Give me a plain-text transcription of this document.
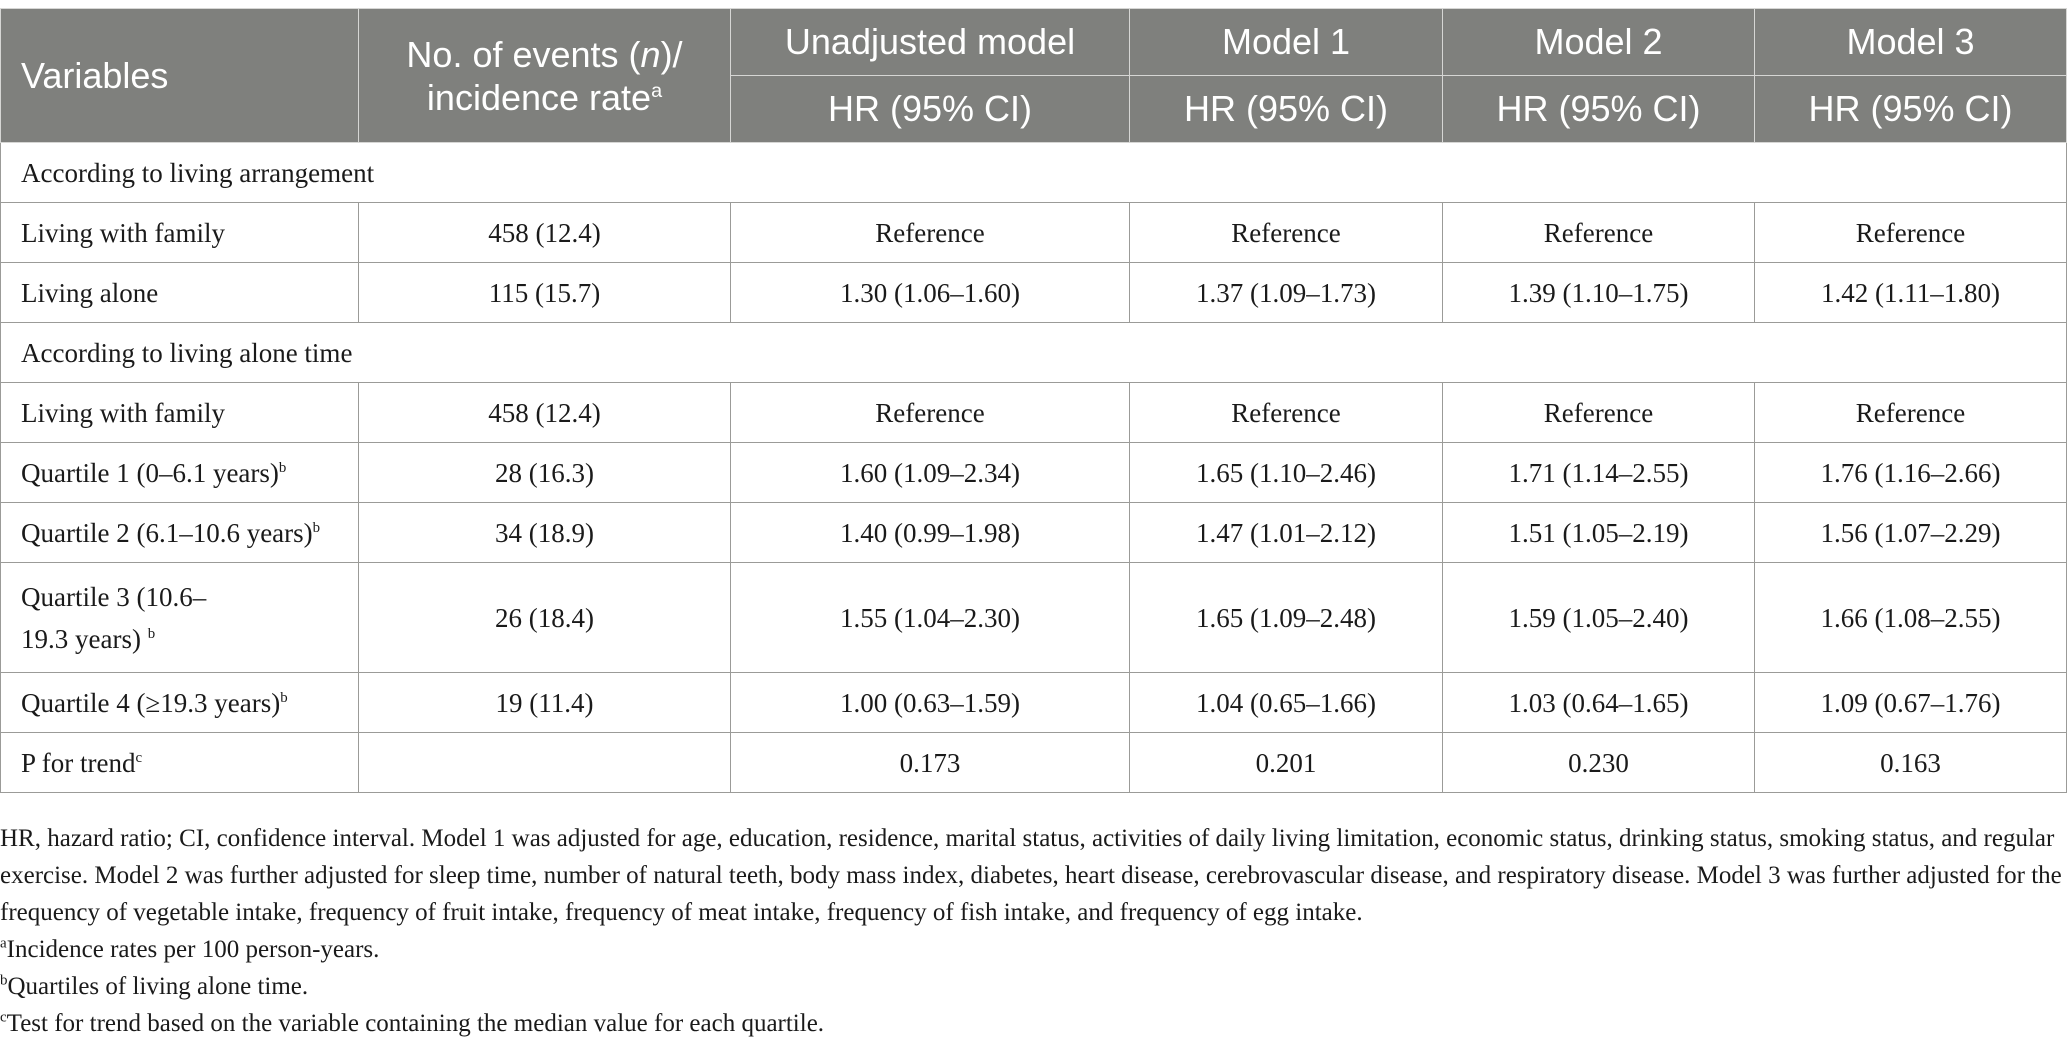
Variables	No. of events (n)/
incidence rate$^a$	Unadjusted model	Model 1	Model 2	Model 3
		HR (95% CI)	HR (95% CI)	HR (95% CI)	HR (95% CI)
According to living arrangement					
Living with family	458 (12.4)	Reference	Reference	Reference	Reference
Living alone	115 (15.7)	1.30 (1.06–1.60)	1.37 (1.09–1.73)	1.39 (1.10–1.75)	1.42 (1.11–1.80)
According to living alone time					
Living with family	458 (12.4)	Reference	Reference	Reference	Reference
Quartile 1 (0–6.1 years)$^b$	28 (16.3)	1.60 (1.09–2.34)	1.65 (1.10–2.46)	1.71 (1.14–2.55)	1.76 (1.16–2.66)
Quartile 2 (6.1–10.6 years)$^b$	34 (18.9)	1.40 (0.99–1.98)	1.47 (1.01–2.12)	1.51 (1.05–2.19)	1.56 (1.07–2.29)
Quartile 3 (10.6–
19.3 years) $^b$	26 (18.4)	1.55 (1.04–2.30)	1.65 (1.09–2.48)	1.59 (1.05–2.40)	1.66 (1.08–2.55)
Quartile 4 (≥19.3 years)$^b$	19 (11.4)	1.00 (0.63–1.59)	1.04 (0.65–1.66)	1.03 (0.64–1.65)	1.09 (0.67–1.76)
P for trend$^c$		0.173	0.201	0.230	0.163

HR, hazard ratio; CI, confidence interval. Model 1 was adjusted for age, education, residence, marital status, activities of daily living limitation, economic status, drinking status, smoking status, and regular exercise. Model 2 was further adjusted for sleep time, number of natural teeth, body mass index, diabetes, heart disease, cerebrovascular disease, and respiratory disease. Model 3 was further adjusted for the frequency of vegetable intake, frequency of fruit intake, frequency of meat intake, frequency of fish intake, and frequency of egg intake.

$^a$Incidence rates per 100 person-years.

$^b$Quartiles of living alone time.

$^c$Test for trend based on the variable containing the median value for each quartile.
